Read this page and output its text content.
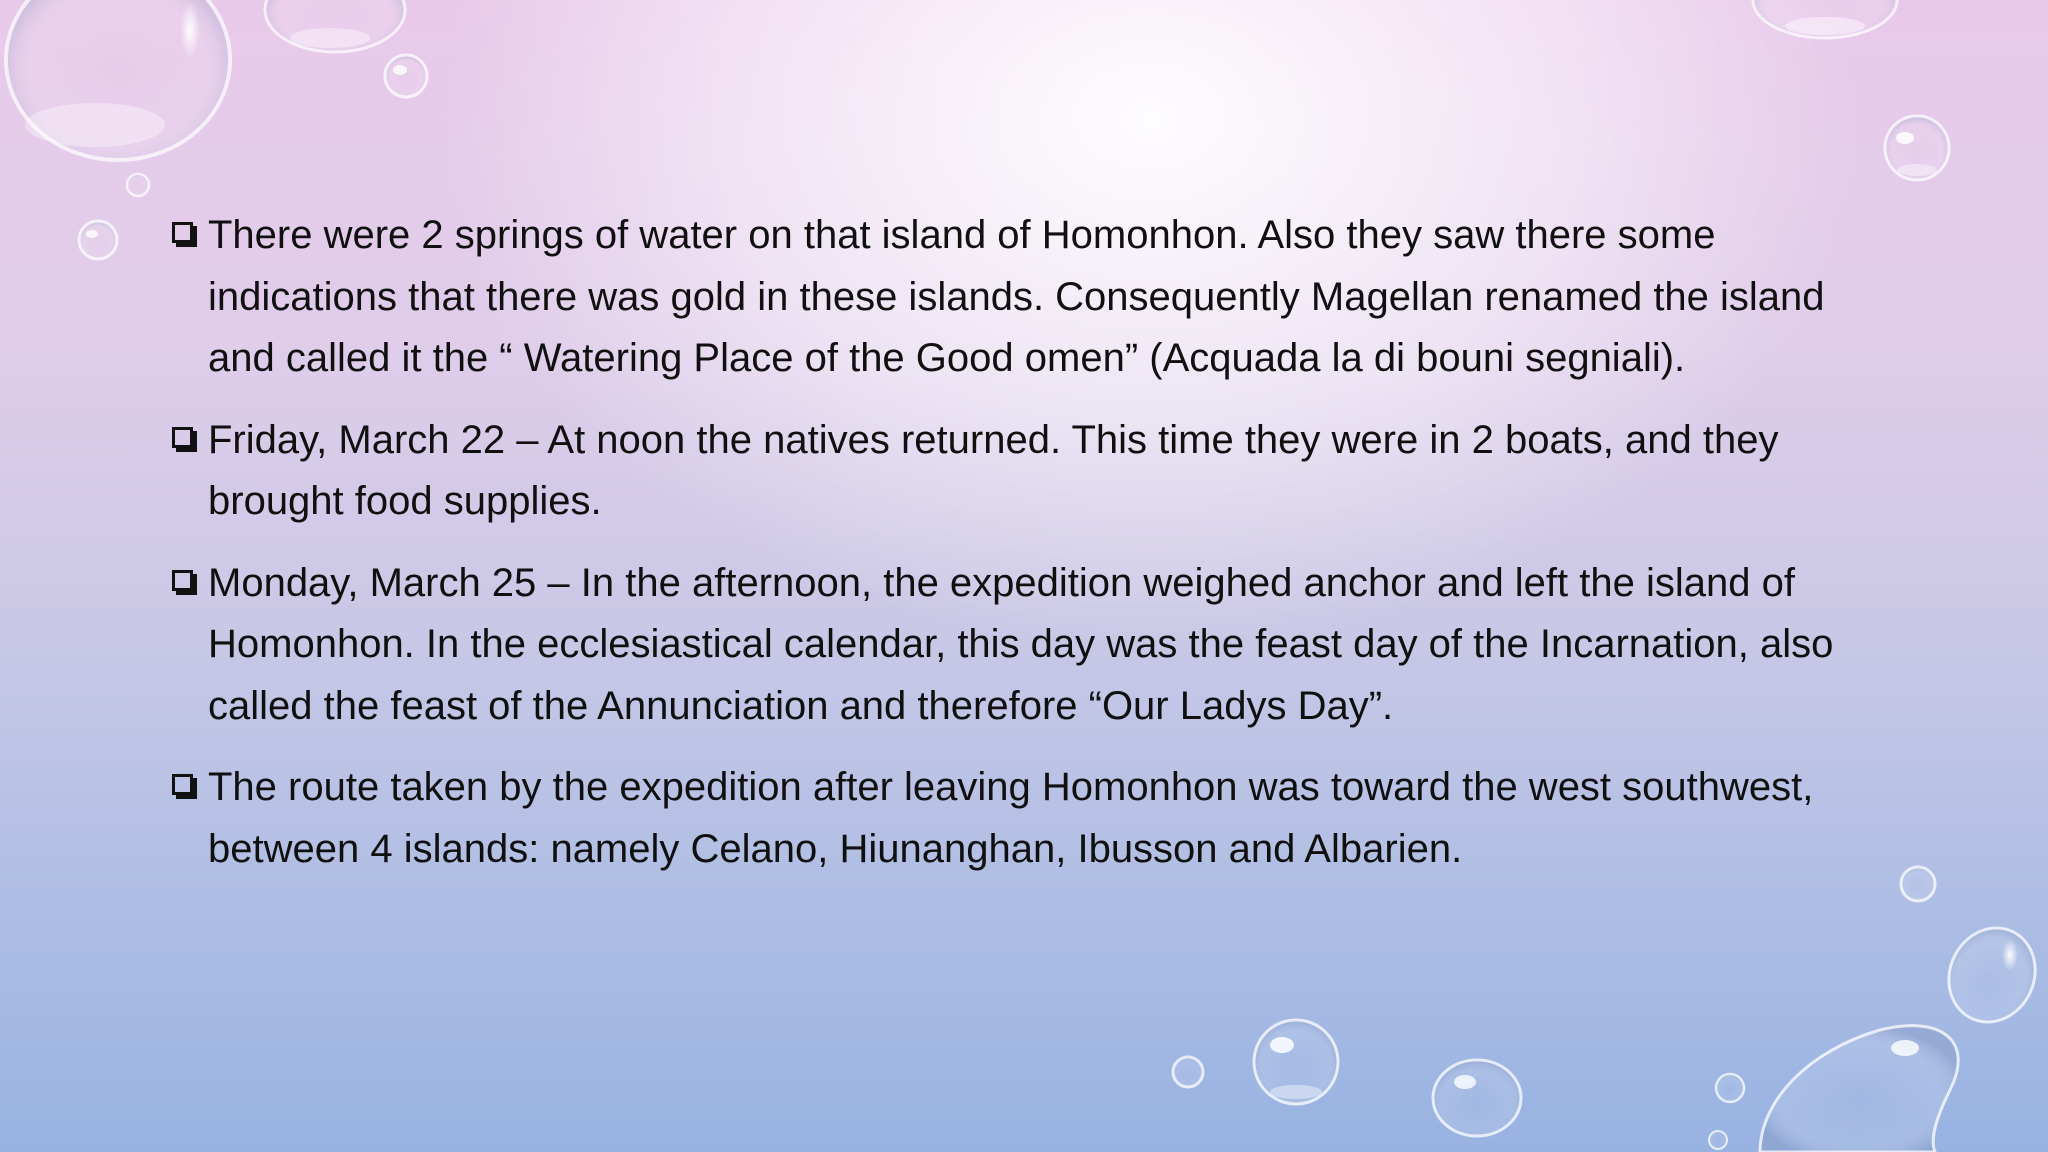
There were 2 springs of water on that island of Homonhon. Also they saw there some indications that there was gold in these islands. Consequently Magellan renamed the island and called it the “ Watering Place of the Good omen” (Acquada la di bouni segniali).
Friday, March 22 – At noon the natives returned. This time they were in 2 boats, and they brought food supplies.
Monday, March 25 – In the afternoon, the expedition weighed anchor and left the island of Homonhon. In the ecclesiastical calendar, this day was the feast day of the Incarnation, also called the feast of the Annunciation and therefore “Our Ladys Day”.
The route taken by the expedition after leaving Homonhon was toward the west southwest, between 4 islands: namely Celano, Hiunanghan, Ibusson and Albarien.
